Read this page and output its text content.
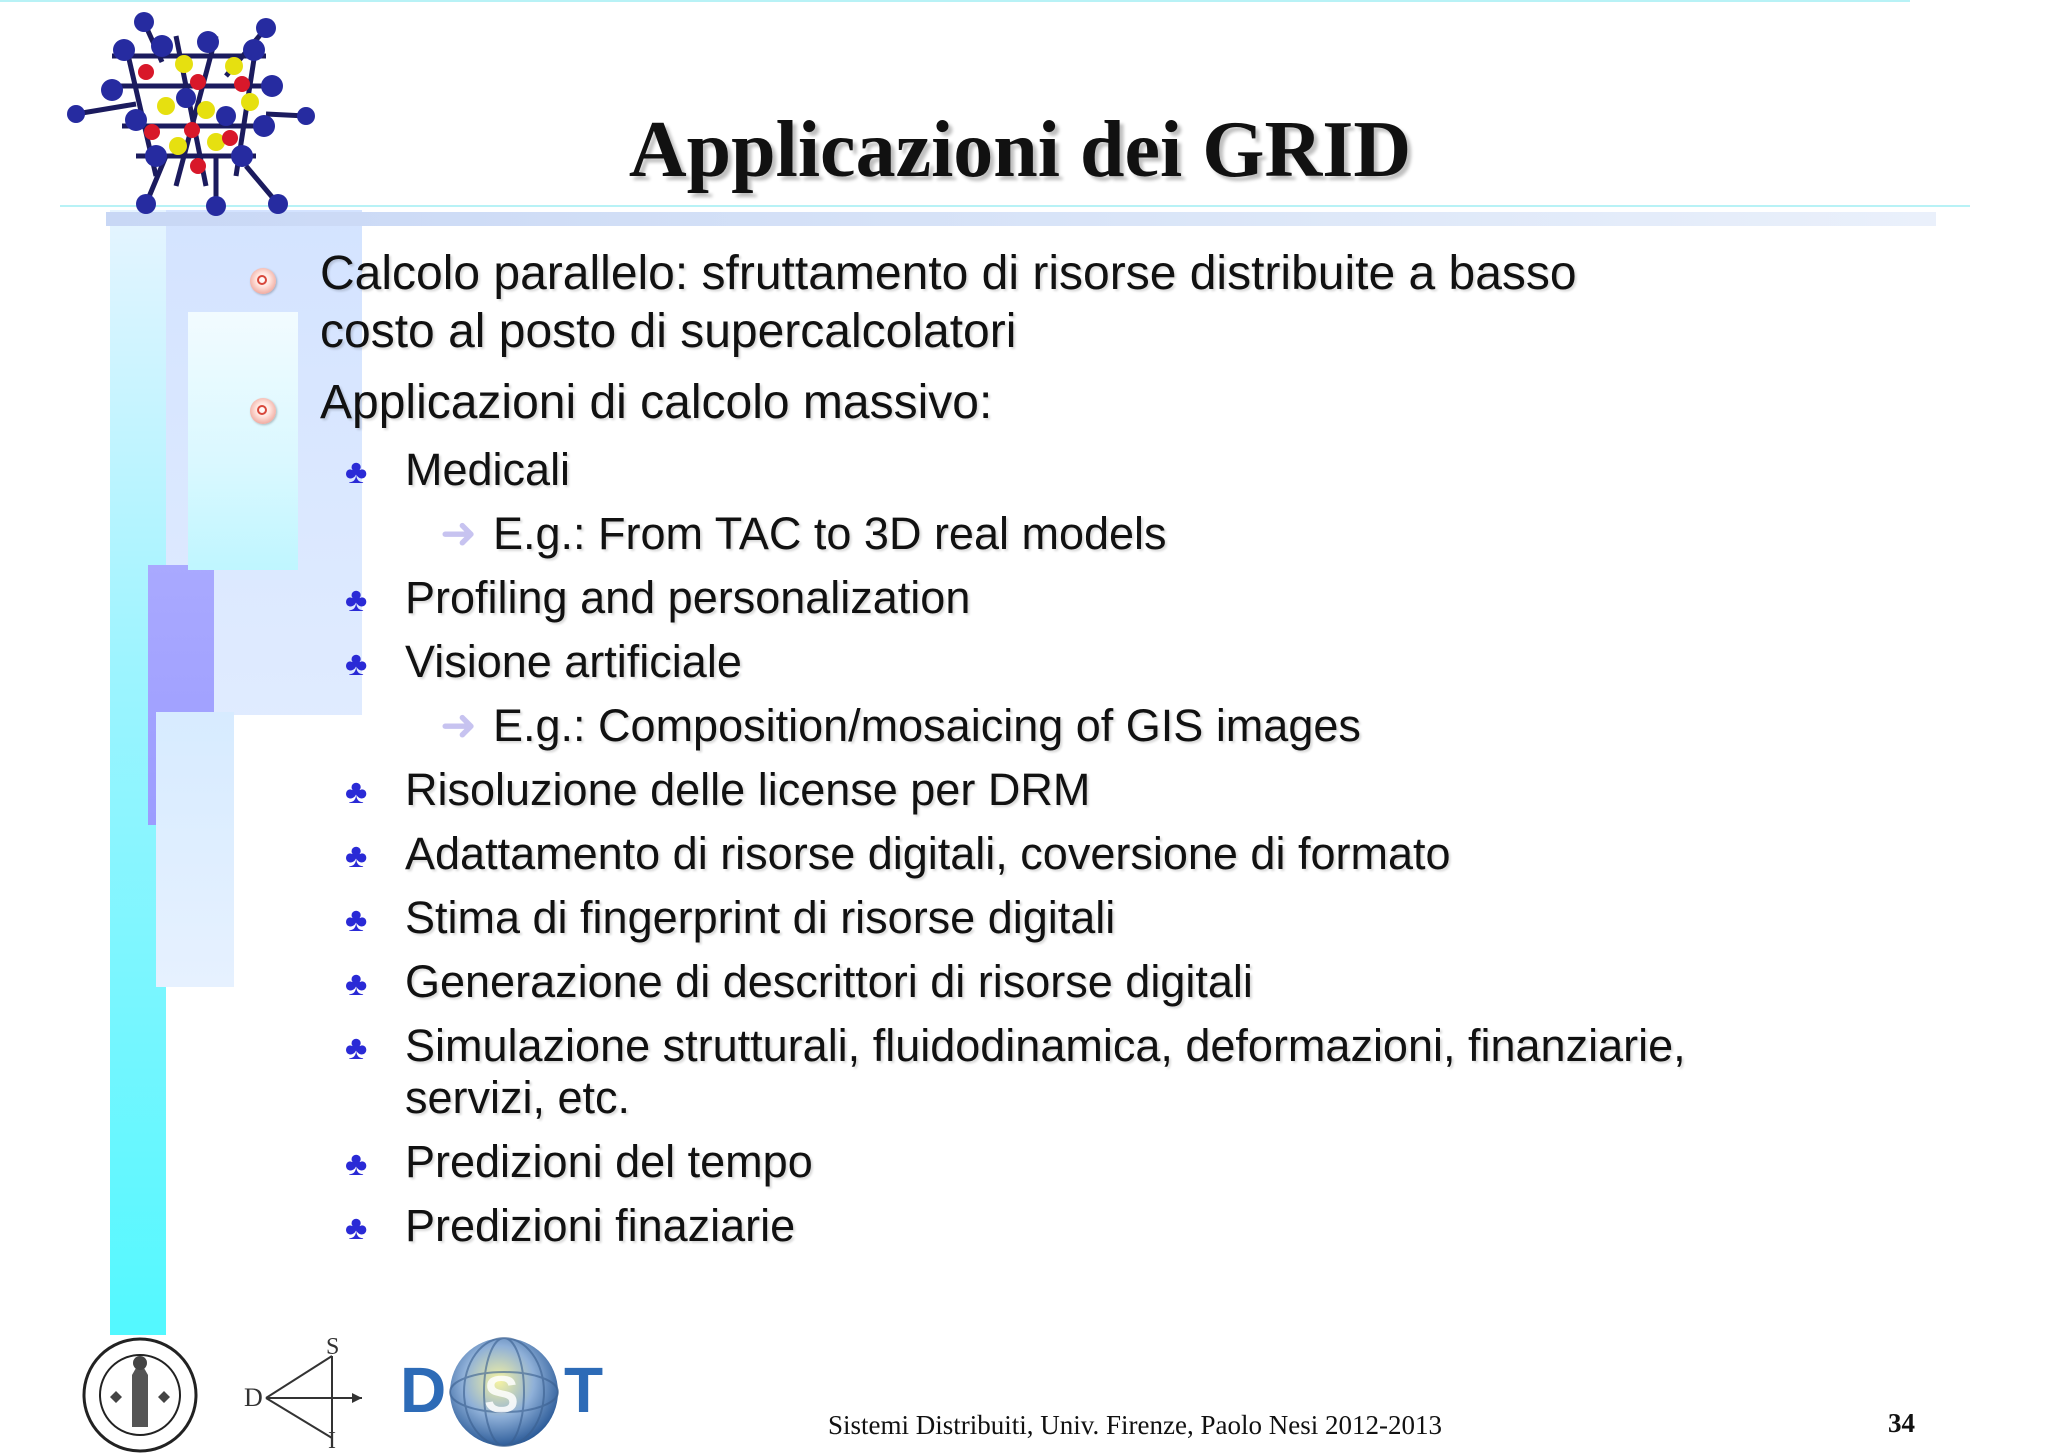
Applicazioni dei GRID
Calcolo parallelo: sfruttamento di risorse distribuite a basso
costo al posto di supercalcolatori
Applicazioni di calcolo massivo:
♣ Medicali
➜ E.g.: From TAC to 3D real models
♣ Profiling and personalization
♣ Visione artificiale
➜ E.g.: Composition/mosaicing of GIS images
♣ Risoluzione delle license per DRM
♣ Adattamento di risorse digitali, coversione di formato
♣ Stima di fingerprint di risorse digitali
♣ Generazione di descrittori di risorse digitali
♣ Simulazione strutturali, fluidodinamica, deformazioni, finanziarie,
servizi, etc.
♣ Predizioni del tempo
♣ Predizioni finaziarie
D
S
I
D S T	Sistemi Distribuiti, Univ. Firenze, Paolo Nesi 2012-2013	34
